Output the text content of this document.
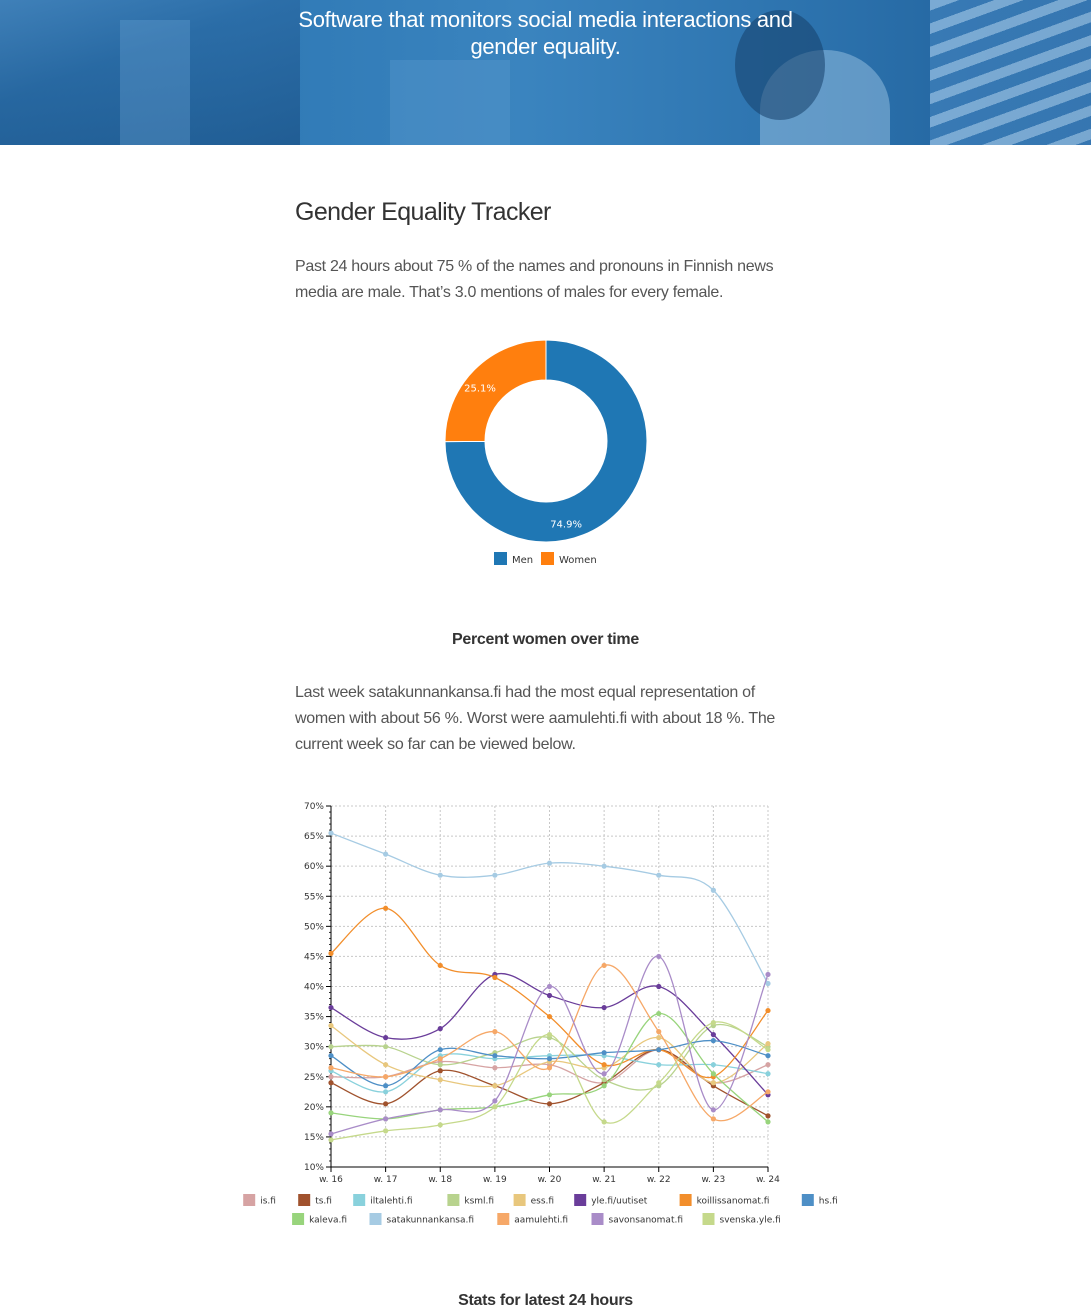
Software that monitors social media interactions and
gender equality.
Gender Equality Tracker

Past 24 hours about 75 % of the names and pronouns in Finnish news media are male. That’s 3.0 mentions of males for every female.

74.9%
25.1%
Men	Women

Percent women over time

Last week satakunnankansa.fi had the most equal representation of women with about 56 %. Worst were aamulehti.fi with about 18 %. The current week so far can be viewed below.

10%
15%
20%
25%
30%
35%
40%
45%
50%
55%
60%
65%
70%
w. 16	w. 17	w. 18	w. 19	w. 20	w. 21	w. 22	w. 23	w. 24
is.fi	ts.fi	iltalehti.fi	ksml.fi	ess.fi	yle.fi/uutiset	koillissanomat.fi	hs.fi
kaleva.fi	satakunnankansa.fi	aamulehti.fi	savonsanomat.fi	svenska.yle.fi

Stats for latest 24 hours
